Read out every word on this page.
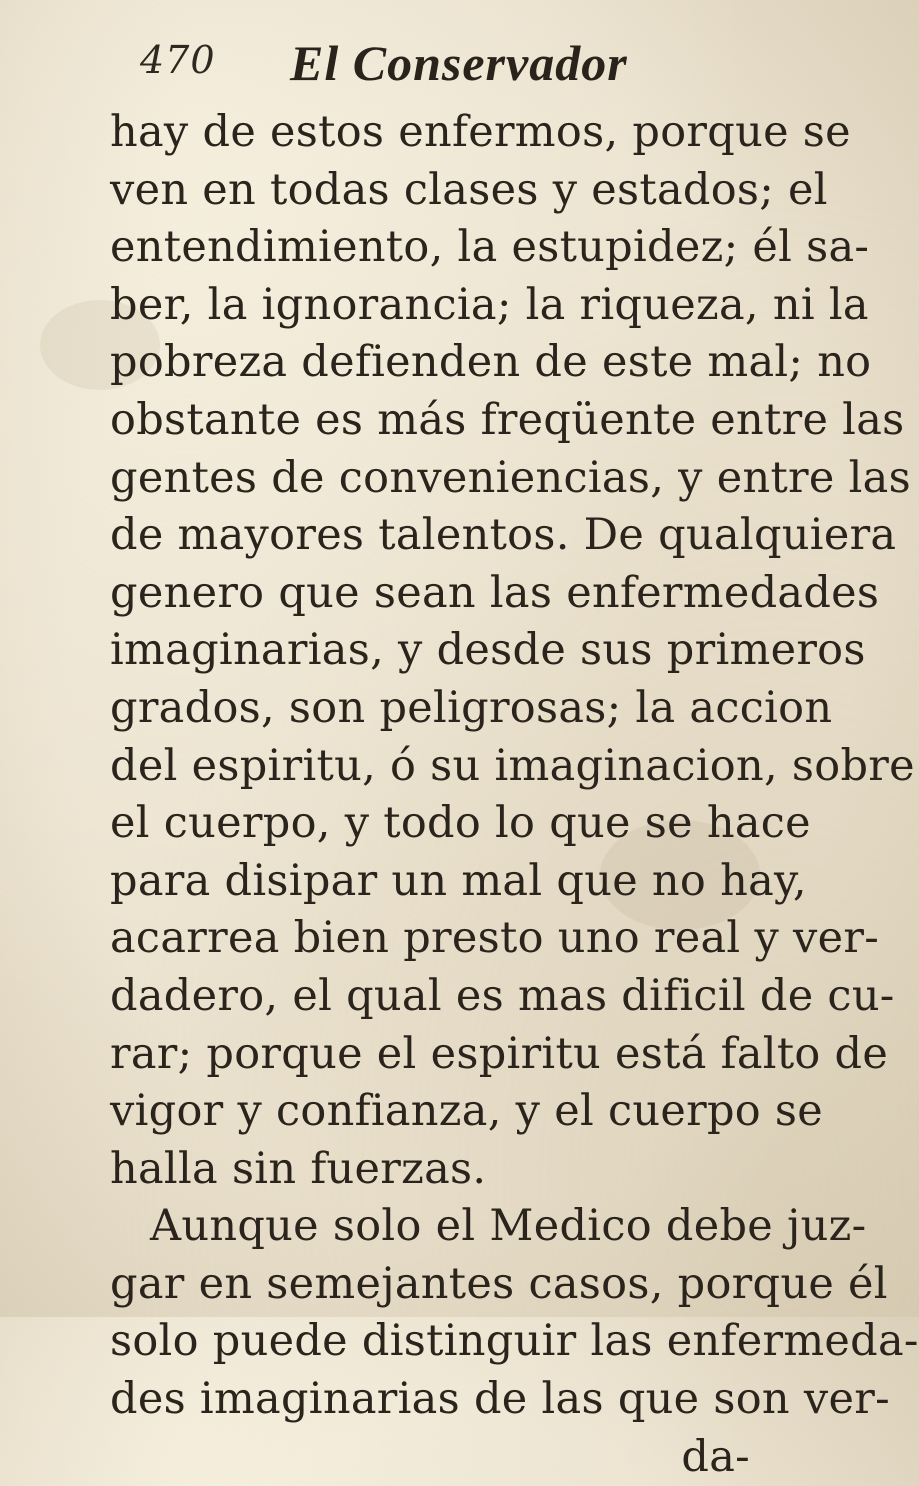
470 El Conservador
hay de estos enfermos, porque se
ven en todas clases y estados; el
entendimiento, la estupidez; él sa-
ber, la ignorancia; la riqueza, ni la
pobreza defienden de este mal; no
obstante es más freqüente entre las
gentes de conveniencias, y entre las
de mayores talentos. De qualquiera
genero que sean las enfermedades
imaginarias, y desde sus primeros
grados, son peligrosas; la accion
del espiritu, ó su imaginacion, sobre
el cuerpo, y todo lo que se hace
para disipar un mal que no hay,
acarrea bien presto uno real y ver-
dadero, el qual es mas dificil de cu-
rar; porque el espiritu está falto de
vigor y confianza, y el cuerpo se
halla sin fuerzas.
Aunque solo el Medico debe juz-
gar en semejantes casos, porque él
solo puede distinguir las enfermeda-
des imaginarias de las que son ver-
da-
